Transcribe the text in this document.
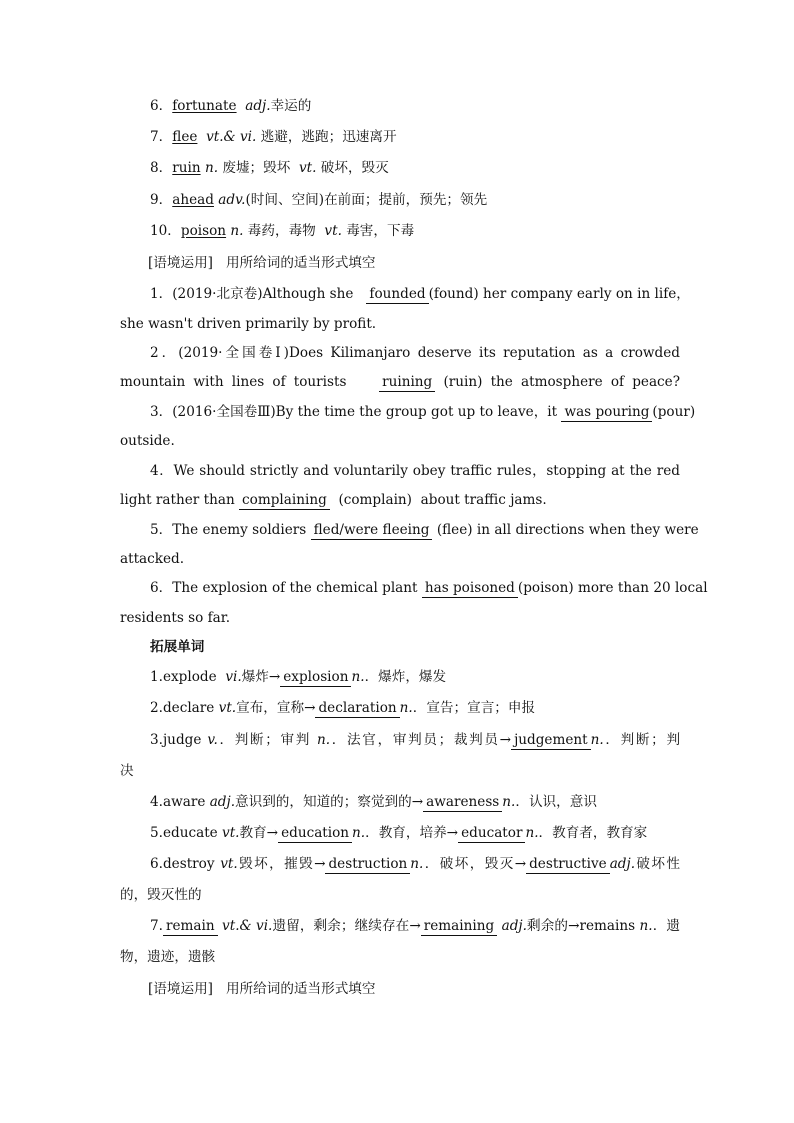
6．fortunate adj.幸运的
7．flee vt.& vi. 逃避，逃跑；迅速离开
8．ruin n. 废墟；毁坏 vt. 破坏，毁灭
9．ahead adv.(时间、空间)在前面；提前，预先；领先
10．poison n. 毒药，毒物 vt. 毒害，下毒
[语境运用] 用所给词的适当形式填空
1．(2019·北京卷)Although she founded (found) her company early on in life，
she wasn't driven primarily by profit.
2．(2019·全国卷Ⅰ)Does Kilimanjaro deserve its reputation as a crowded
mountain with lines of tourists	ruining (ruin) the atmosphere of peace?
3．(2016·全国卷Ⅲ)By the time the group got up to leave，it was pouring (pour)
outside.
4．We should strictly and voluntarily obey traffic rules，stopping at the red
light rather than complaining (complain) about traffic jams.
5．The enemy soldiers fled/were fleeing (flee) in all directions when they were
attacked.
6．The explosion of the chemical plant has poisoned (poison) more than 20 local
residents so far.
拓展单词
1.explode vi.爆炸→ explosion n.．爆炸，爆发
2.declare vt.宣布，宣称→ declaration n.．宣告；宣言；申报
3.judge v.．判断；审判 n.．法官，审判员；裁判员→ judgement n.．判断；判
决
4.aware adj.意识到的，知道的；察觉到的→ awareness n.．认识，意识
5.educate vt.教育→ education n.．教育，培养→ educator n.．教育者，教育家
6.destroy vt.毁坏，摧毁→ destruction n.．破坏，毁灭→ destructive adj.破坏性
的，毁灭性的
7. remain vt.& vi.遗留，剩余；继续存在→ remaining adj.剩余的→remains n.．遗
物，遗迹，遗骸
[语境运用] 用所给词的适当形式填空
